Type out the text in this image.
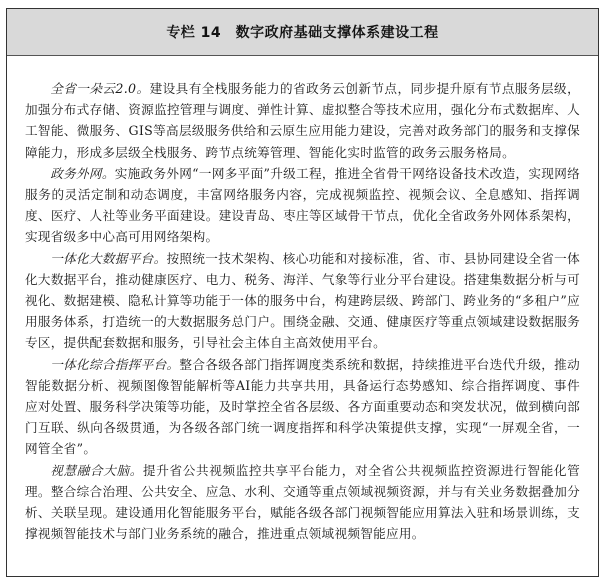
专栏 14　数字政府基础支撑体系建设工程

全省一朵云2.0。建设具有全栈服务能力的省政务云创新节点，同步提升原有节点服务层级，加强分布式存储、资源监控管理与调度、弹性计算、虚拟整合等技术应用，强化分布式数据库、人工智能、微服务、GIS等高层级服务供给和云原生应用能力建设，完善对政务部门的服务和支撑保障能力，形成多层级全栈服务、跨节点统筹管理、智能化实时监管的政务云服务格局。

政务外网。实施政务外网“一网多平面”升级工程，推进全省骨干网络设备技术改造，实现网络服务的灵活定制和动态调度，丰富网络服务内容，完成视频监控、视频会议、全息感知、指挥调度、医疗、人社等业务平面建设。建设青岛、枣庄等区域骨干节点，优化全省政务外网体系架构，实现省级多中心高可用网络架构。

一体化大数据平台。按照统一技术架构、核心功能和对接标准，省、市、县协同建设全省一体化大数据平台，推动健康医疗、电力、税务、海洋、气象等行业分平台建设。搭建集数据分析与可视化、数据建模、隐私计算等功能于一体的服务中台，构建跨层级、跨部门、跨业务的“多租户”应用服务体系，打造统一的大数据服务总门户。围绕金融、交通、健康医疗等重点领域建设数据服务专区，提供配套数据和服务，引导社会主体自主高效使用平台。

一体化综合指挥平台。整合各级各部门指挥调度类系统和数据，持续推进平台迭代升级，推动智能数据分析、视频图像智能解析等AI能力共享共用，具备运行态势感知、综合指挥调度、事件应对处置、服务科学决策等功能，及时掌控全省各层级、各方面重要动态和突发状况，做到横向部门互联、纵向各级贯通，为各级各部门统一调度指挥和科学决策提供支撑，实现“一屏观全省，一网管全省”。

视慧融合大脑。提升省公共视频监控共享平台能力，对全省公共视频监控资源进行智能化管理。整合综合治理、公共安全、应急、水利、交通等重点领域视频资源，并与有关业务数据叠加分析、关联呈现。建设通用化智能服务平台，赋能各级各部门视频智能应用算法入驻和场景训练，支撑视频智能技术与部门业务系统的融合，推进重点领域视频智能应用。
